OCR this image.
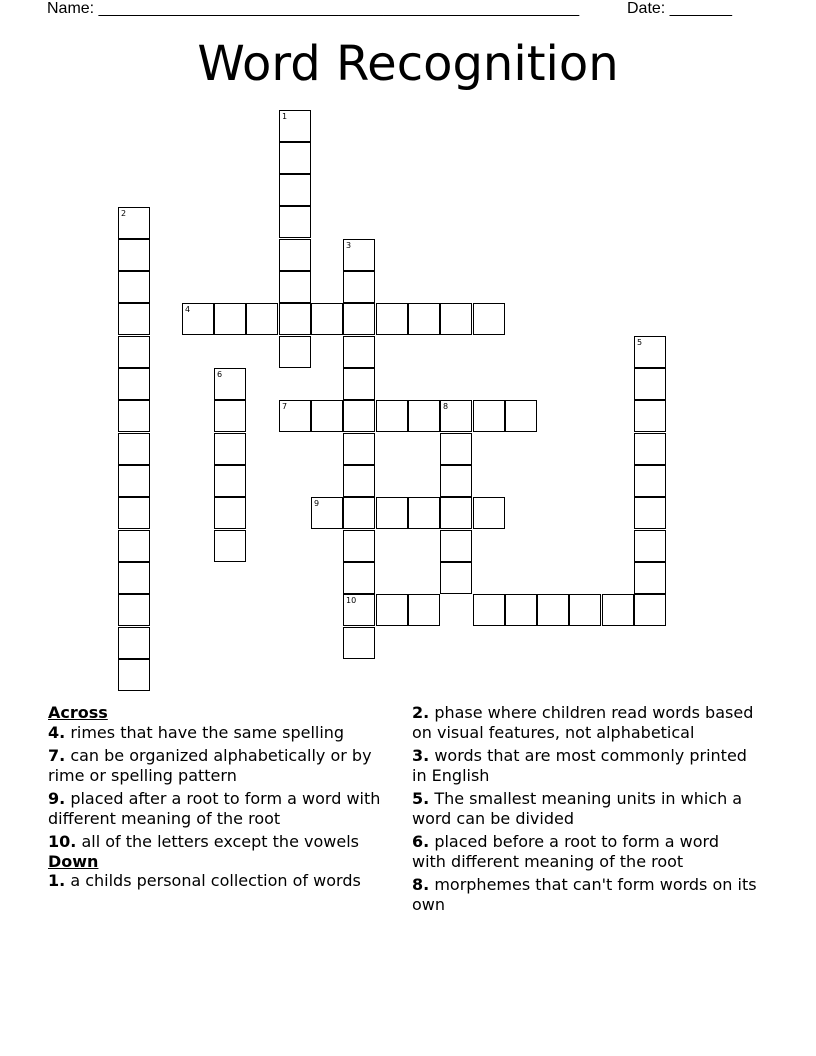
Name: ______________________________________________________	Date: _______
Word Recognition
1
2
3
4
5
6
7	8
9
10
Across
4. rimes that have the same spelling
7. can be organized alphabetically or by rime or spelling pattern
9. placed after a root to form a word with different meaning of the root
10. all of the letters except the vowels
Down
1. a childs personal collection of words
2. phase where children read words based on visual features, not alphabetical
3. words that are most commonly printed in English
5. The smallest meaning units in which a word can be divided
6. placed before a root to form a word with different meaning of the root
8. morphemes that can't form words on its own
